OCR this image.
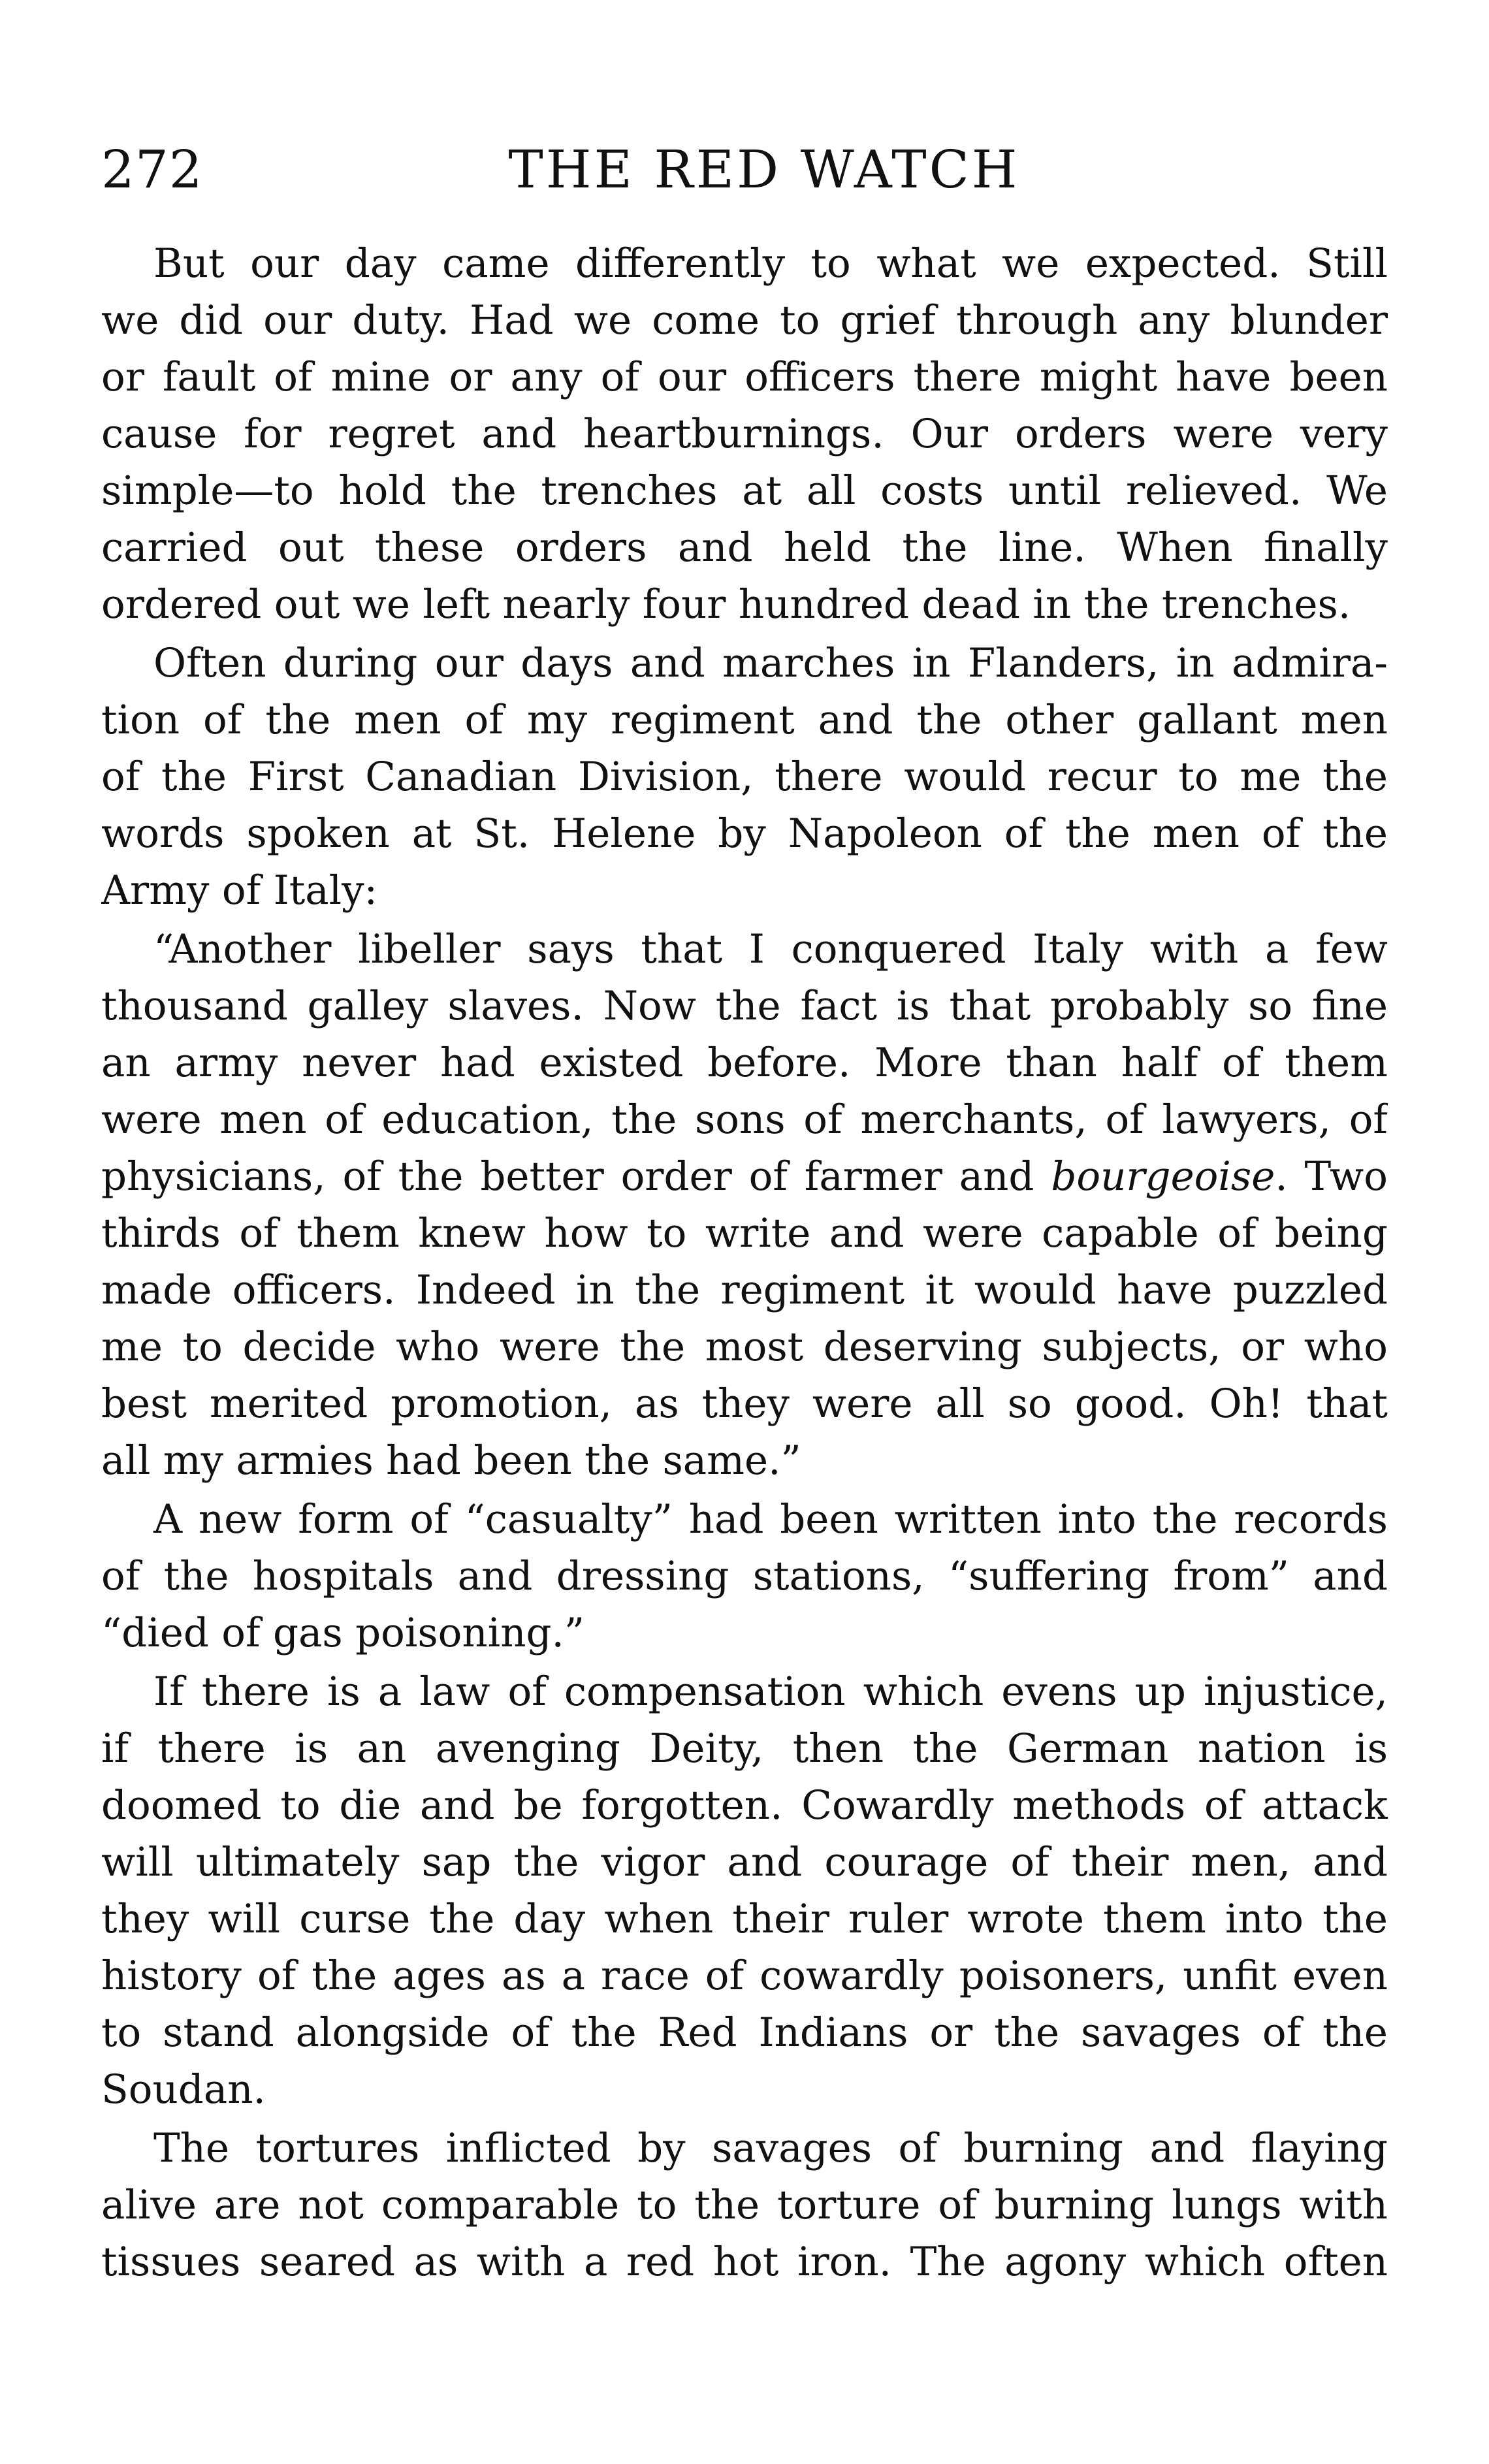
272	THE RED WATCH
But our day came differently to what we expected. Still
we did our duty. Had we come to grief through any blunder
or fault of mine or any of our officers there might have been
cause for regret and heartburnings. Our orders were very
simple—to hold the trenches at all costs until relieved. We
carried out these orders and held the line. When finally
ordered out we left nearly four hundred dead in the trenches.
Often during our days and marches in Flanders, in admira-
tion of the men of my regiment and the other gallant men
of the First Canadian Division, there would recur to me the
words spoken at St. Helene by Napoleon of the men of the
Army of Italy:
“Another libeller says that I conquered Italy with a few
thousand galley slaves. Now the fact is that probably so fine
an army never had existed before. More than half of them
were men of education, the sons of merchants, of lawyers, of
physicians, of the better order of farmer and bourgeoise. Two
thirds of them knew how to write and were capable of being
made officers. Indeed in the regiment it would have puzzled
me to decide who were the most deserving subjects, or who
best merited promotion, as they were all so good. Oh! that
all my armies had been the same.”
A new form of “casualty” had been written into the records
of the hospitals and dressing stations, “suffering from” and
“died of gas poisoning.”
If there is a law of compensation which evens up injustice,
if there is an avenging Deity, then the German nation is
doomed to die and be forgotten. Cowardly methods of attack
will ultimately sap the vigor and courage of their men, and
they will curse the day when their ruler wrote them into the
history of the ages as a race of cowardly poisoners, unfit even
to stand alongside of the Red Indians or the savages of the
Soudan.
The tortures inflicted by savages of burning and flaying
alive are not comparable to the torture of burning lungs with
tissues seared as with a red hot iron. The agony which often
